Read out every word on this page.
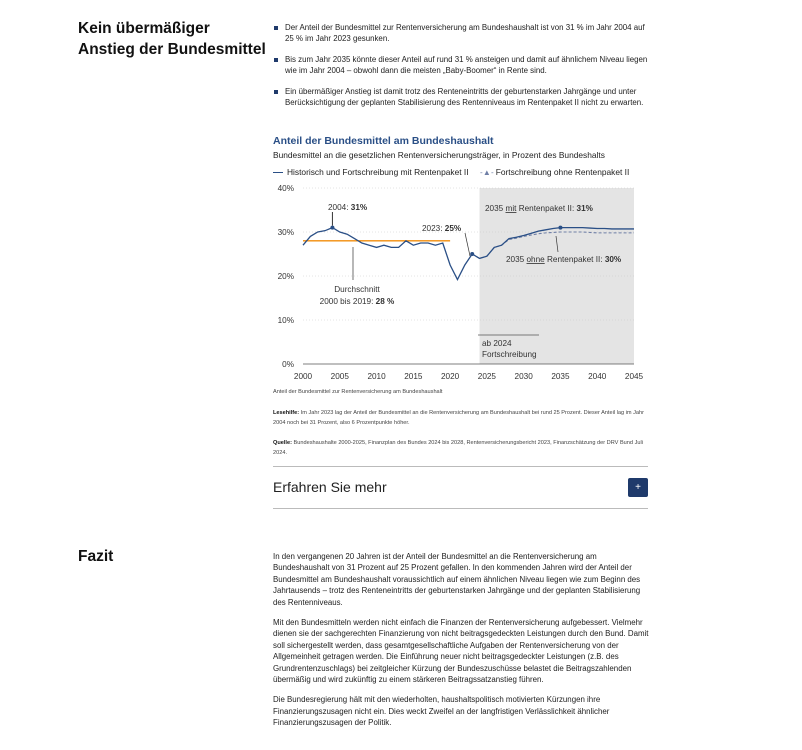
Kein übermäßiger Anstieg der Bundesmittel
Der Anteil der Bundesmittel zur Rentenversicherung am Bundeshaushalt ist von 31 % im Jahr 2004 auf 25 % im Jahr 2023 gesunken.
Bis zum Jahr 2035 könnte dieser Anteil auf rund 31 % ansteigen und damit auf ähnlichem Niveau liegen wie im Jahr 2004 – obwohl dann die meisten „Baby-Boomer“ in Rente sind.
Ein übermäßiger Anstieg ist damit trotz des Renteneintritts der geburtenstarken Jahrgänge und unter Berücksichtigung der geplanten Stabilisierung des Rentenniveaus im Rentenpaket II nicht zu erwarten.
Anteil der Bundesmittel am Bundeshaushalt
Bundesmittel an die gesetzlichen Rentenversicherungsträger, in Prozent des Bundeshalts
Historisch und Fortschreibung mit Rentenpaket II - ▲ - Fortschreibung ohne Rentenpaket II
0%
10%
20%
30%
40%
2000 2005 2010 2015 2020 2025 2030 2035 2040 2045
2004: 31%
2023: 25%
2035 mit Rentenpaket II: 31%
2035 ohne Rentenpaket II: 30%
Durchschnitt
2000 bis 2019: 28 %
ab 2024
Fortschreibung
Anteil der Bundesmittel zur Rentenversicherung am Bundeshaushalt
Lesehilfe: Im Jahr 2023 lag der Anteil der Bundesmittel an die Rentenversicherung am Bundeshaushalt bei rund 25 Prozent. Dieser Anteil lag im Jahr 2004 noch bei 31 Prozent, also 6 Prozentpunkte höher.
Quelle: Bundeshaushalte 2000-2025, Finanzplan des Bundes 2024 bis 2028, Rentenversicherungsbericht 2023, Finanzschätzung der DRV Bund Juli 2024.
Erfahren Sie mehr	+
Fazit	In den vergangenen 20 Jahren ist der Anteil der Bundesmittel an die Rentenversicherung am Bundeshaushalt von 31 Prozent auf 25 Prozent gefallen. In den kommenden Jahren wird der Anteil der Bundesmittel am Bundeshaushalt voraussichtlich auf einem ähnlichen Niveau liegen wie zum Beginn des Jahrtausends – trotz des Renteneintritts der geburtenstarken Jahrgänge und der geplanten Stabilisierung des Rentenniveaus.

Mit den Bundesmitteln werden nicht einfach die Finanzen der Rentenversicherung aufgebessert. Vielmehr dienen sie der sachgerechten Finanzierung von nicht beitragsgedeckten Leistungen durch den Bund. Damit soll sichergestellt werden, dass gesamtgesellschaftliche Aufgaben der Rentenversicherung von der Allgemeinheit getragen werden. Die Einführung neuer nicht beitragsgedeckter Leistungen (z.B. des Grundrentenzuschlags) bei zeitgleicher Kürzung der Bundeszuschüsse belastet die Beitragszahlenden übermäßig und wird zukünftig zu einem stärkeren Beitragssatzanstieg führen.

Die Bundesregierung hält mit den wiederholten, haushaltspolitisch motivierten Kürzungen ihre Finanzierungszusagen nicht ein. Dies weckt Zweifel an der langfristigen Verlässlichkeit ähnlicher Finanzierungszusagen der Politik.
